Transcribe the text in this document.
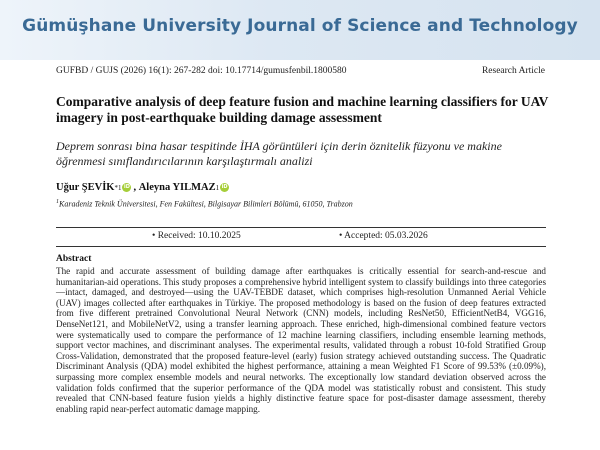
Gümüşhane University Journal of Science and Technology
GUFBD / GUJS (2026) 16(1): 267-282 doi: 10.17714/gumusfenbil.1800580	Research Article
Comparative analysis of deep feature fusion and machine learning classifiers for UAV imagery in post-earthquake building damage assessment
Deprem sonrası bina hasar tespitinde İHA görüntüleri için derin öznitelik füzyonu ve makine öğrenmesi sınıflandırıcılarının karşılaştırmalı analizi
Uğur ŞEVİK *1 iD , Aleyna YILMAZ 1 iD
$^1$Karadeniz Teknik Üniversitesi, Fen Fakültesi, Bilgisayar Bilimleri Bölümü, 61050, Trabzon
• Received: 10.10.2025	• Accepted: 05.03.2026
Abstract
The rapid and accurate assessment of building damage after earthquakes is critically essential for search-and-rescue and humanitarian-aid operations. This study proposes a comprehensive hybrid intelligent system to classify buildings into three categories—intact, damaged, and destroyed—using the UAV-TEBDE dataset, which comprises high-resolution Unmanned Aerial Vehicle (UAV) images collected after earthquakes in Türkiye. The proposed methodology is based on the fusion of deep features extracted from five different pretrained Convolutional Neural Network (CNN) models, including ResNet50, EfficientNetB4, VGG16, DenseNet121, and MobileNetV2, using a transfer learning approach. These enriched, high-dimensional combined feature vectors were systematically used to compare the performance of 12 machine learning classifiers, including ensemble learning methods, support vector machines, and discriminant analyses. The experimental results, validated through a robust 10-fold Stratified Group Cross-Validation, demonstrated that the proposed feature-level (early) fusion strategy achieved outstanding success. The Quadratic Discriminant Analysis (QDA) model exhibited the highest performance, attaining a mean Weighted F1 Score of 99.53% (±0.09%), surpassing more complex ensemble models and neural networks. The exceptionally low standard deviation observed across the validation folds confirmed that the superior performance of the QDA model was statistically robust and consistent. This study revealed that CNN-based feature fusion yields a highly distinctive feature space for post-disaster damage assessment, thereby enabling rapid near-perfect automatic damage mapping.
